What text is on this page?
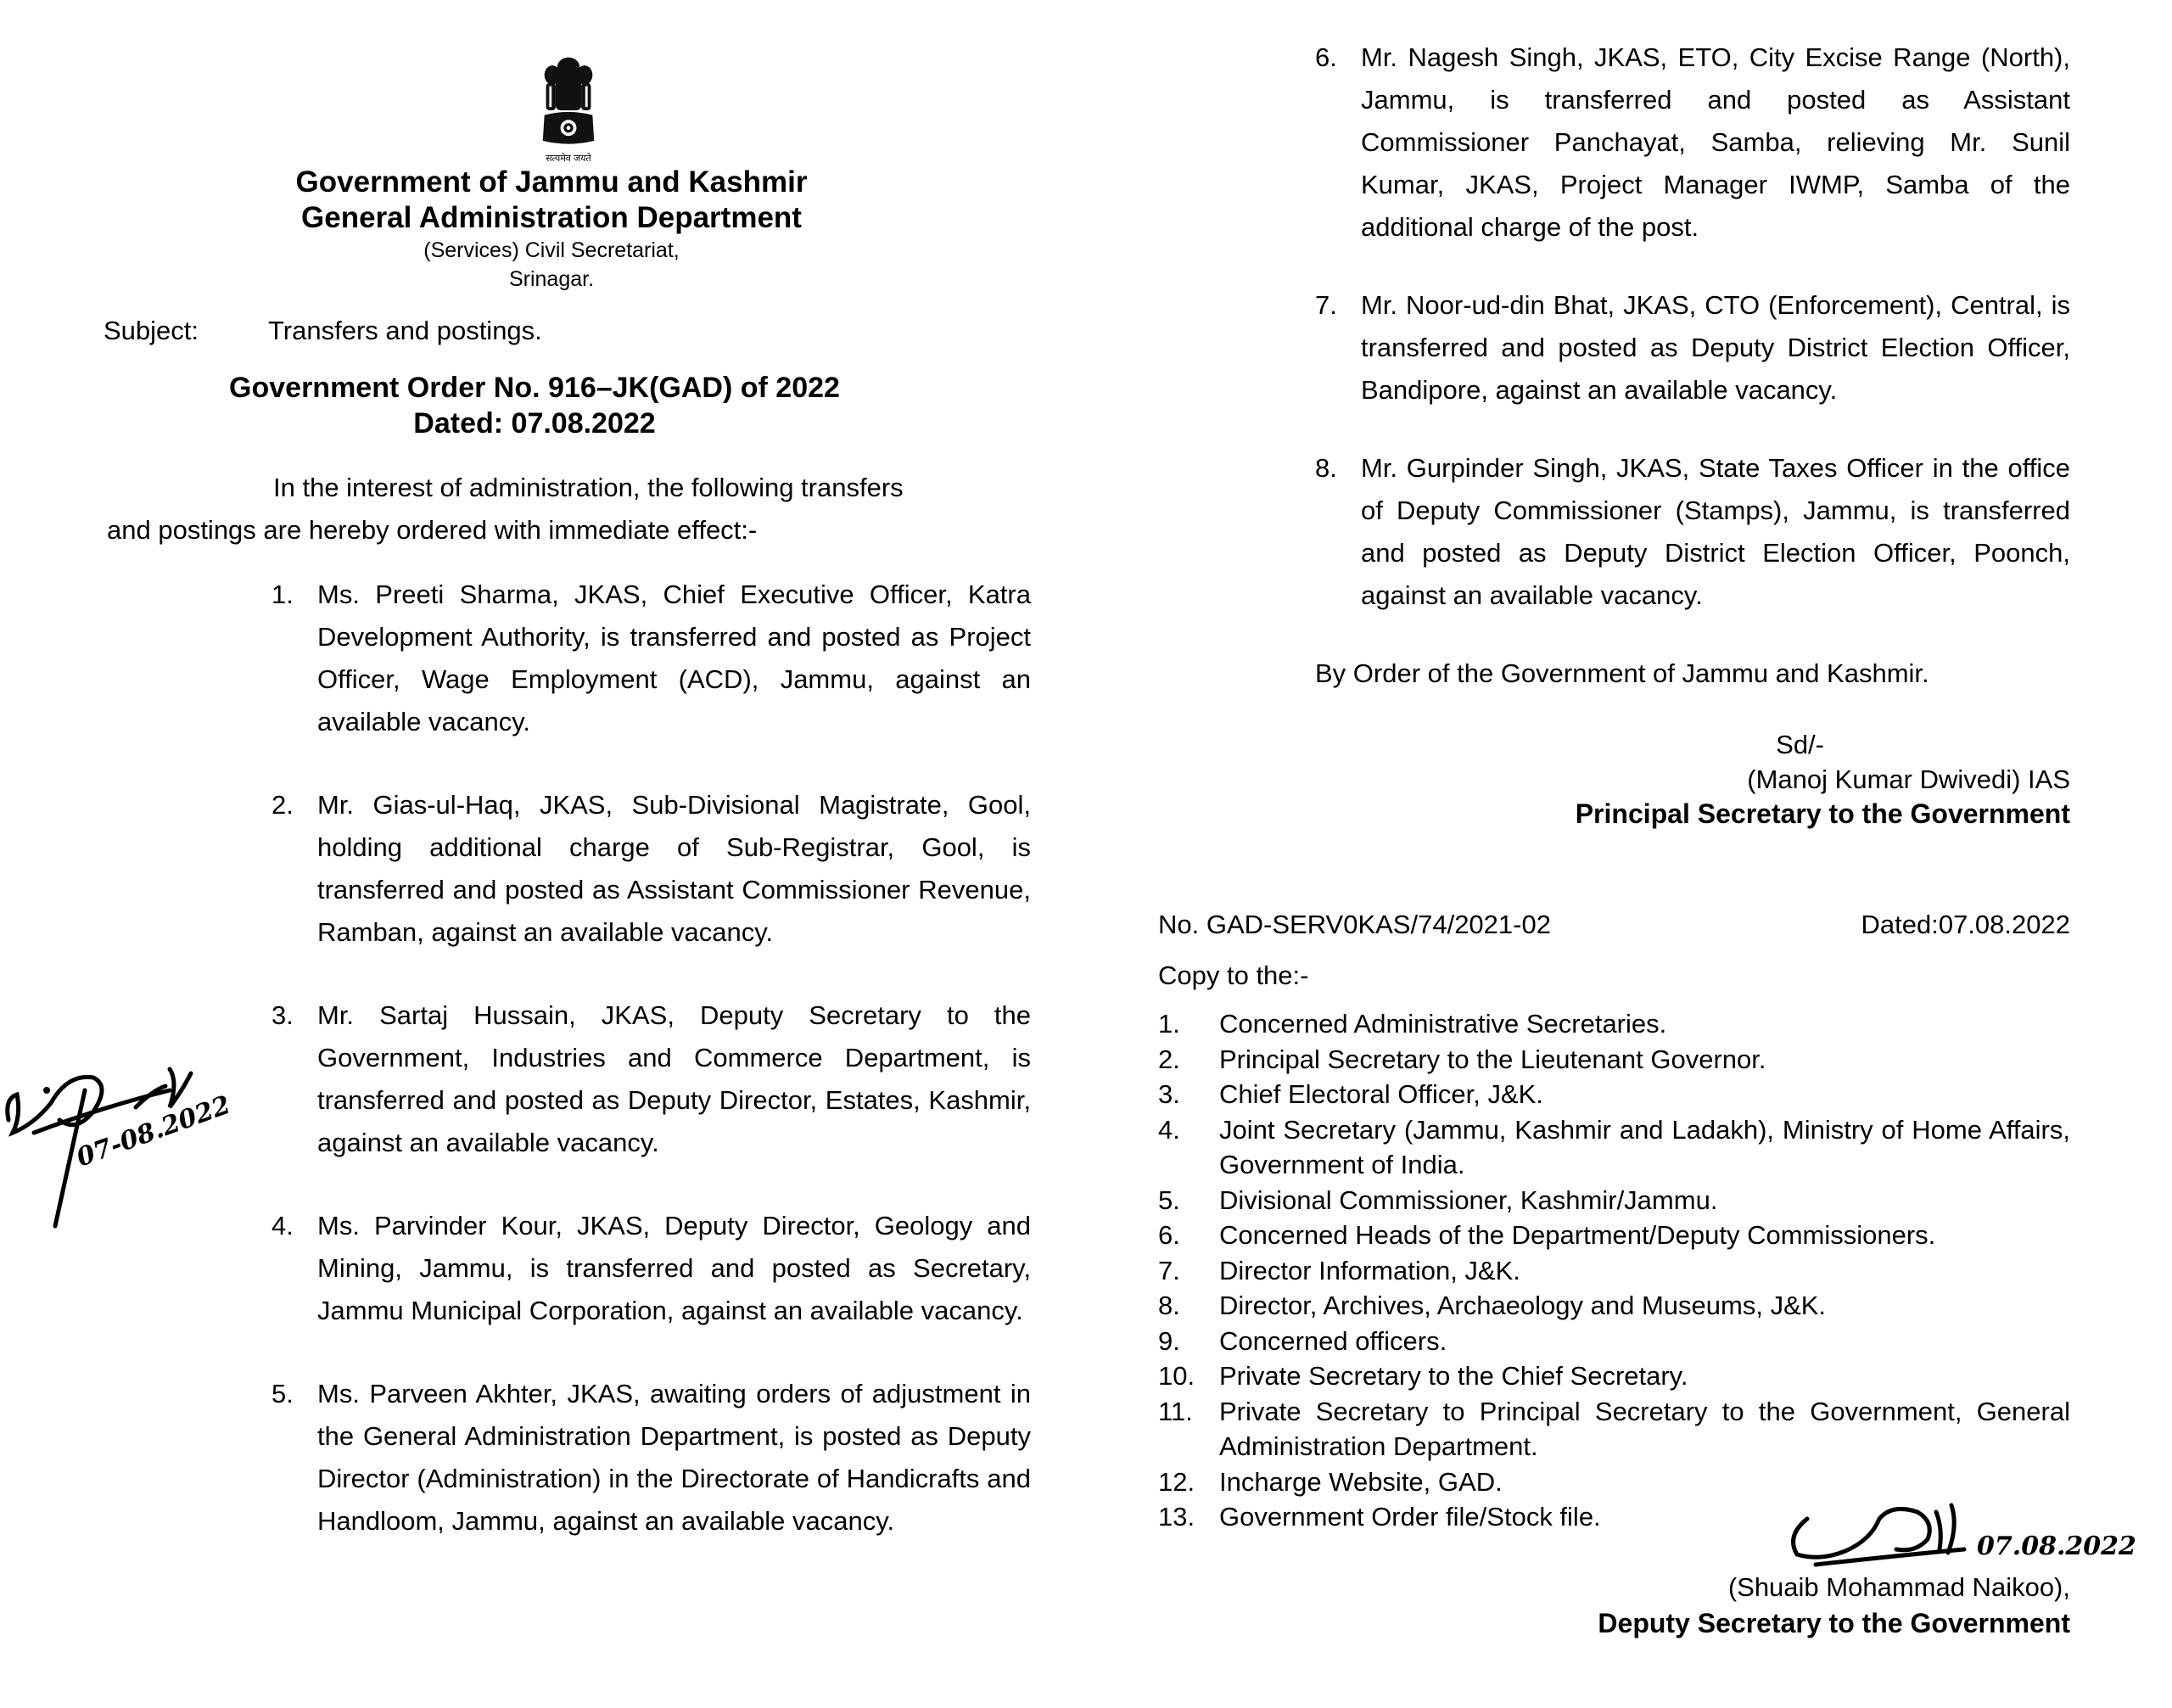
सत्यमेव जयते
Government of Jammu and Kashmir
General Administration Department
(Services) Civil Secretariat,
Srinagar.
Subject:	Transfers and postings.
Government Order No. 916–JK(GAD) of 2022
Dated: 07.08.2022
In the interest of administration, the following transfers
and postings are hereby ordered with immediate effect:-
1. Ms. Preeti Sharma, JKAS, Chief Executive Officer, Katra Development Authority, is transferred and posted as Project Officer, Wage Employment (ACD), Jammu, against an available vacancy.
2. Mr. Gias-ul-Haq, JKAS, Sub-Divisional Magistrate, Gool, holding additional charge of Sub-Registrar, Gool, is transferred and posted as Assistant Commissioner Revenue, Ramban, against an available vacancy.
3. Mr. Sartaj Hussain, JKAS, Deputy Secretary to the Government, Industries and Commerce Department, is transferred and posted as Deputy Director, Estates, Kashmir, against an available vacancy.
4. Ms. Parvinder Kour, JKAS, Deputy Director, Geology and Mining, Jammu, is transferred and posted as Secretary, Jammu Municipal Corporation, against an available vacancy.
5. Ms. Parveen Akhter, JKAS, awaiting orders of adjustment in the General Administration Department, is posted as Deputy Director (Administration) in the Directorate of Handicrafts and Handloom, Jammu, against an available vacancy.
07-08.2022
6. Mr. Nagesh Singh, JKAS, ETO, City Excise Range (North), Jammu, is transferred and posted as Assistant Commissioner Panchayat, Samba, relieving Mr. Sunil Kumar, JKAS, Project Manager IWMP, Samba of the additional charge of the post.
7. Mr. Noor-ud-din Bhat, JKAS, CTO (Enforcement), Central, is transferred and posted as Deputy District Election Officer, Bandipore, against an available vacancy.
8. Mr. Gurpinder Singh, JKAS, State Taxes Officer in the office of Deputy Commissioner (Stamps), Jammu, is transferred and posted as Deputy District Election Officer, Poonch, against an available vacancy.
By Order of the Government of Jammu and Kashmir.
Sd/-
(Manoj Kumar Dwivedi) IAS
Principal Secretary to the Government
No. GAD-SERV0KAS/74/2021-02	Dated:07.08.2022
Copy to the:-
1. Concerned Administrative Secretaries.
2. Principal Secretary to the Lieutenant Governor.
3. Chief Electoral Officer, J&K.
4. Joint Secretary (Jammu, Kashmir and Ladakh), Ministry of Home Affairs, Government of India.
5. Divisional Commissioner, Kashmir/Jammu.
6. Concerned Heads of the Department/Deputy Commissioners.
7. Director Information, J&K.
8. Director, Archives, Archaeology and Museums, J&K.
9. Concerned officers.
10. Private Secretary to the Chief Secretary.
11. Private Secretary to Principal Secretary to the Government, General Administration Department.
12. Incharge Website, GAD.
13. Government Order file/Stock file.
07.08.2022
(Shuaib Mohammad Naikoo),
Deputy Secretary to the Government
